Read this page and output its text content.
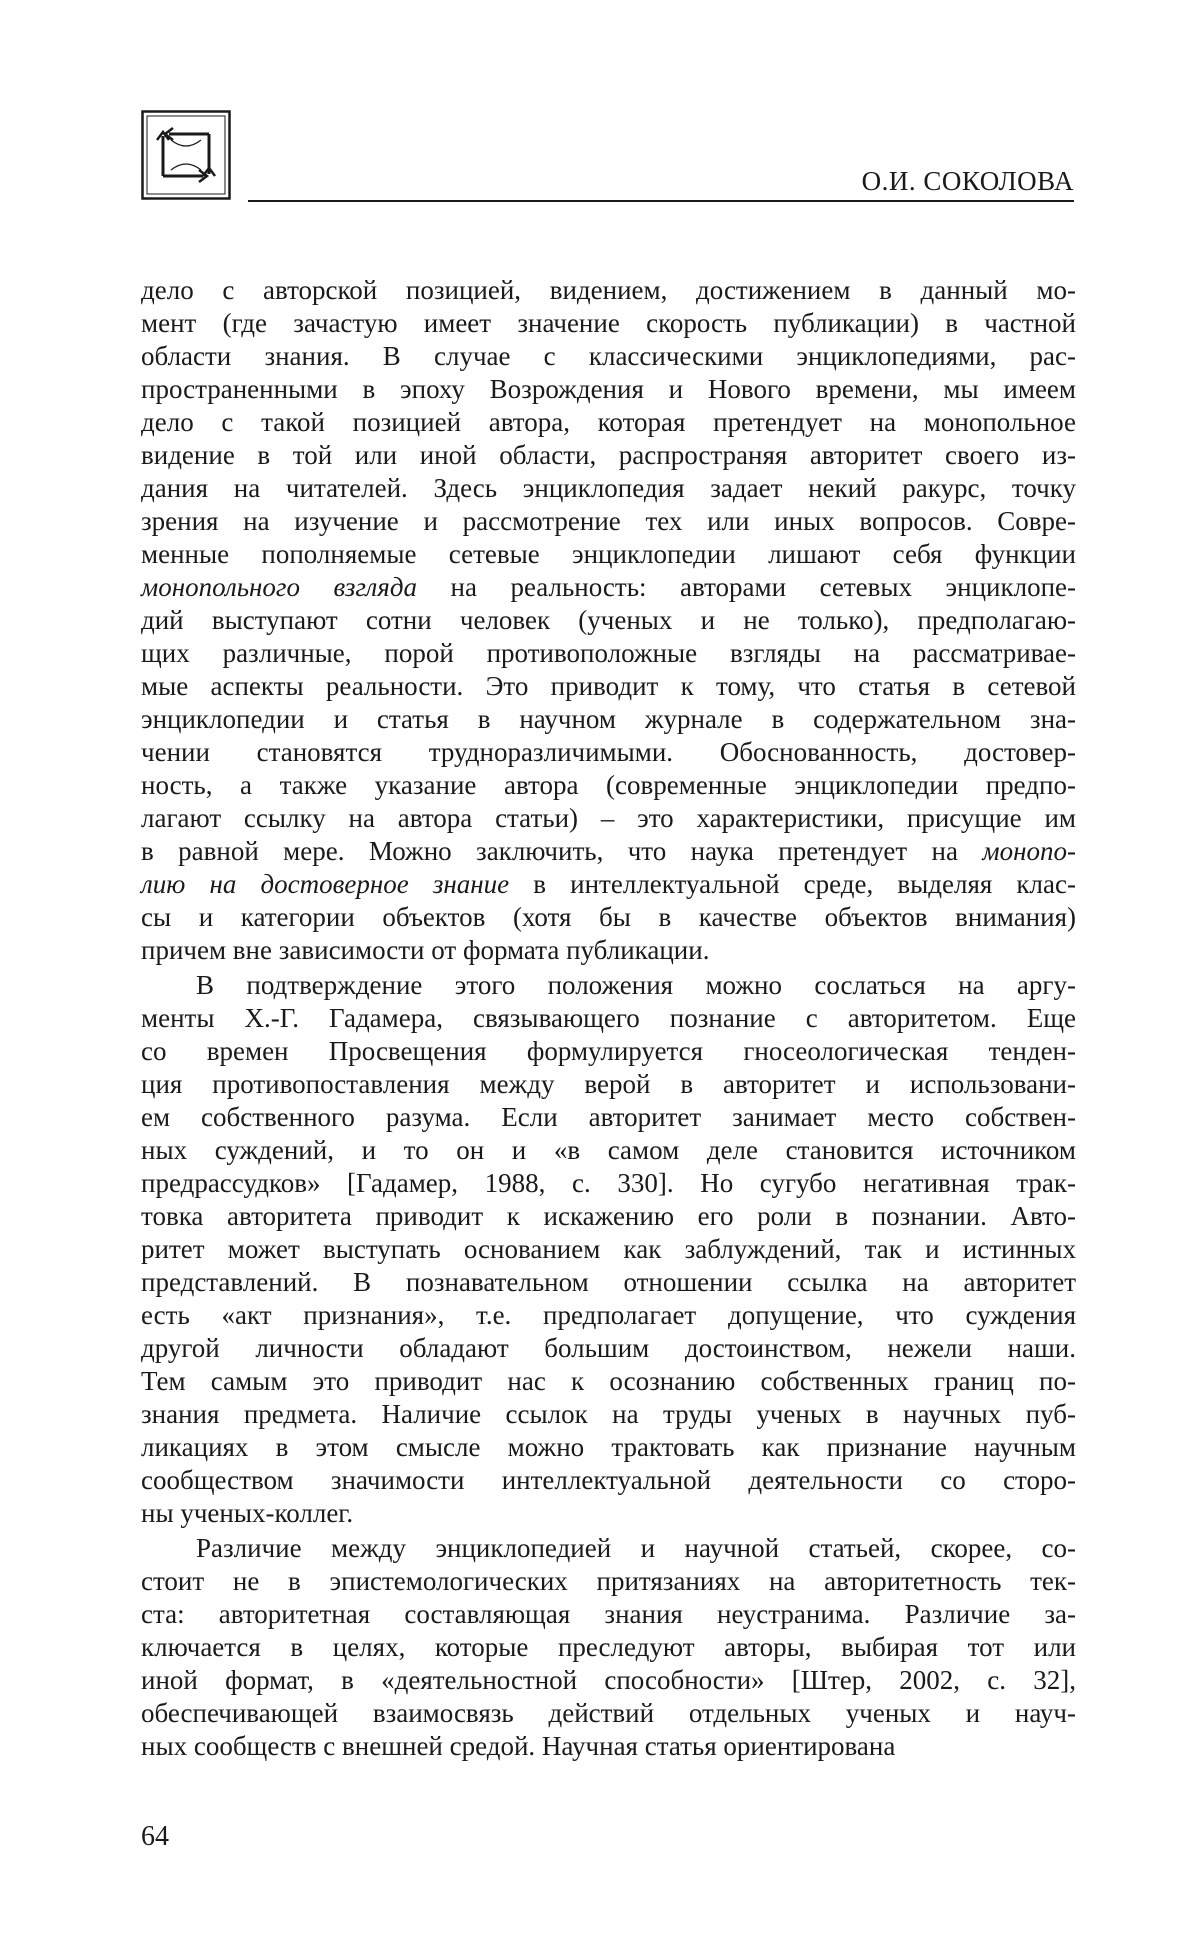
О.И. СОКОЛОВА
дело с авторской позицией, видением, достижением в данный мо-
мент (где зачастую имеет значение скорость публикации) в частной
области знания. В случае с классическими энциклопедиями, рас-
пространенными в эпоху Возрождения и Нового времени, мы имеем
дело с такой позицией автора, которая претендует на монопольное
видение в той или иной области, распространяя авторитет своего из-
дания на читателей. Здесь энциклопедия задает некий ракурс, точку
зрения на изучение и рассмотрение тех или иных вопросов. Совре-
менные пополняемые сетевые энциклопедии лишают себя функции
монопольного взгляда на реальность: авторами сетевых энциклопе-
дий выступают сотни человек (ученых и не только), предполагаю-
щих различные, порой противоположные взгляды на рассматривае-
мые аспекты реальности. Это приводит к тому, что статья в сетевой
энциклопедии и статья в научном журнале в содержательном зна-
чении становятся трудноразличимыми. Обоснованность, достовер-
ность, а также указание автора (современные энциклопедии предпо-
лагают ссылку на автора статьи) – это характеристики, присущие им
в равной мере. Можно заключить, что наука претендует на монопо-
лию на достоверное знание в интеллектуальной среде, выделяя клас-
сы и категории объектов (хотя бы в качестве объектов внимания)
причем вне зависимости от формата публикации.
В подтверждение этого положения можно сослаться на аргу-
менты Х.-Г. Гадамера, связывающего познание с авторитетом. Еще
со времен Просвещения формулируется гносеологическая тенден-
ция противопоставления между верой в авторитет и использовани-
ем собственного разума. Если авторитет занимает место собствен-
ных суждений, и то он и «в самом деле становится источником
предрассудков» [Гадамер, 1988, с. 330]. Но сугубо негативная трак-
товка авторитета приводит к искажению его роли в познании. Авто-
ритет может выступать основанием как заблуждений, так и истинных
представлений. В познавательном отношении ссылка на авторитет
есть «акт признания», т.е. предполагает допущение, что суждения
другой личности обладают большим достоинством, нежели наши.
Тем самым это приводит нас к осознанию собственных границ по-
знания предмета. Наличие ссылок на труды ученых в научных пуб-
ликациях в этом смысле можно трактовать как признание научным
сообществом значимости интеллектуальной деятельности со сторо-
ны ученых-коллег.
Различие между энциклопедией и научной статьей, скорее, со-
стоит не в эпистемологических притязаниях на авторитетность тек-
ста: авторитетная составляющая знания неустранима. Различие за-
ключается в целях, которые преследуют авторы, выбирая тот или
иной формат, в «деятельностной способности» [Штер, 2002, с. 32],
обеспечивающей взаимосвязь действий отдельных ученых и науч-
ных сообществ с внешней средой. Научная статья ориентирована
64
